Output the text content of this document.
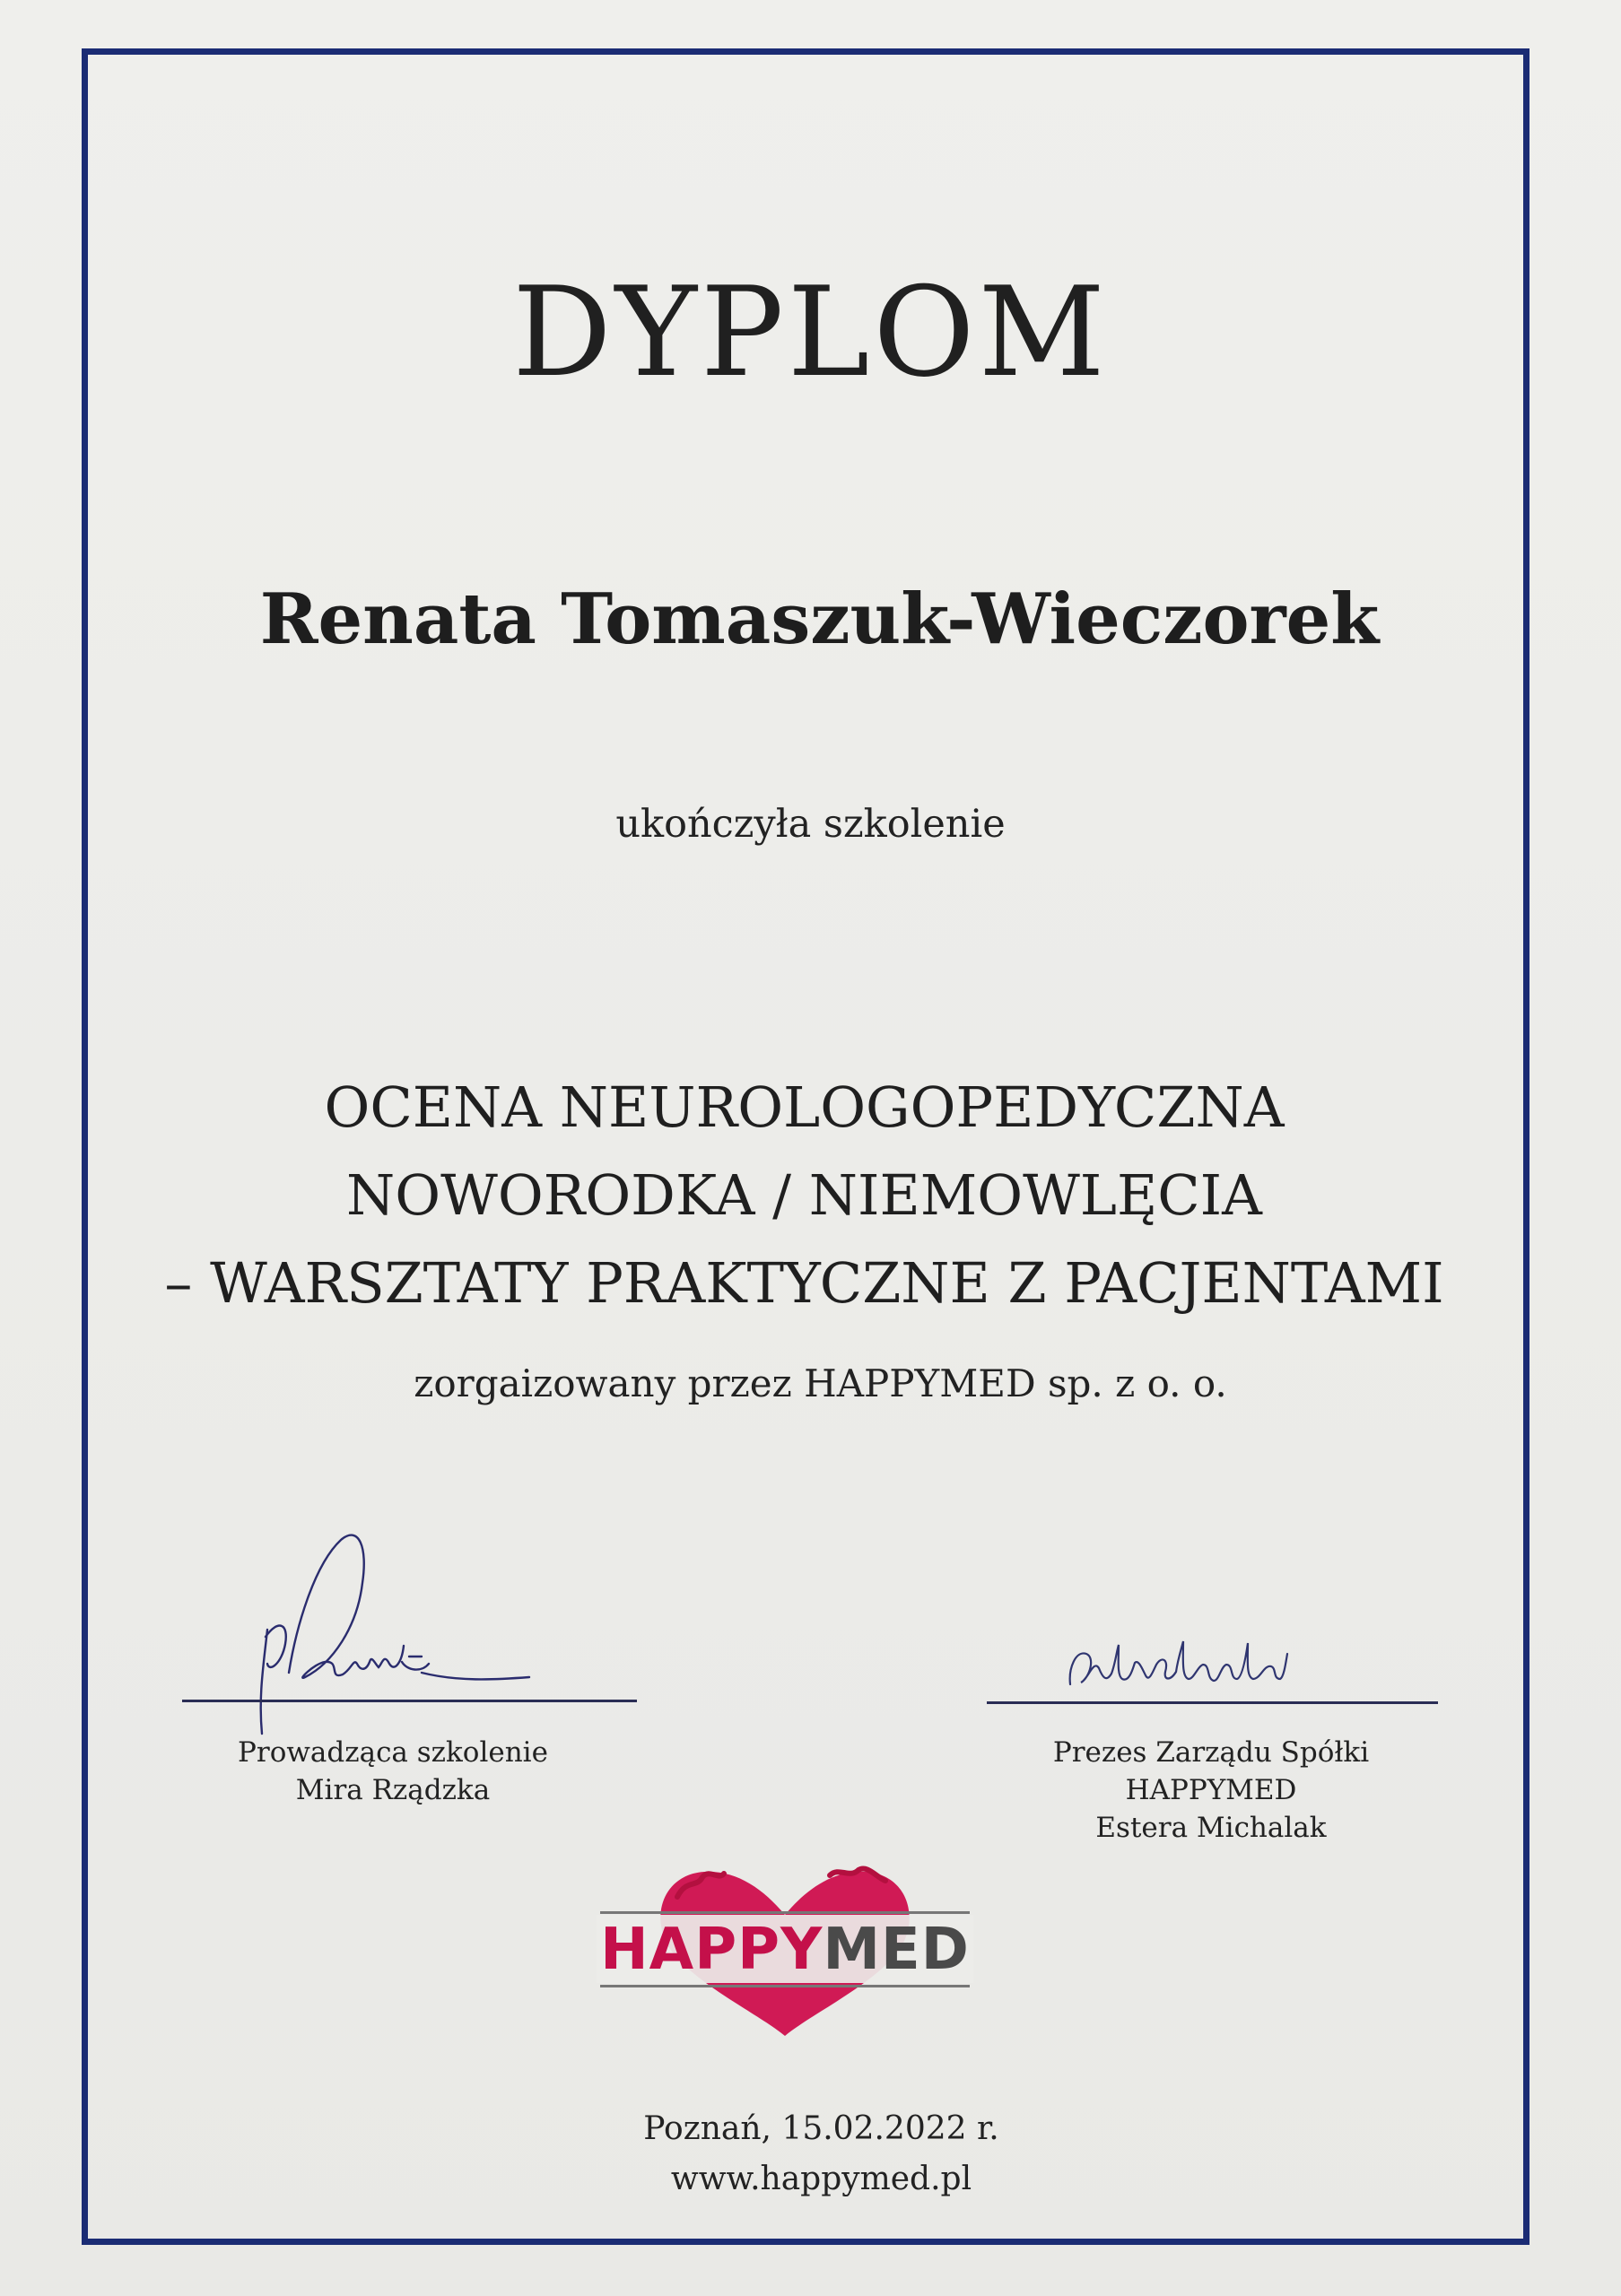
DYPLOM
Renata Tomaszuk-Wieczorek
ukończyła szkolenie
OCENA NEUROLOGOPEDYCZNA
NOWORODKA / NIEMOWLĘCIA
– WARSZTATY PRAKTYCZNE Z PACJENTAMI
zorgaizowany przez HAPPYMED sp. z o. o.
Prowadząca szkolenie
Mira Rządzka
Prezes Zarządu Spółki
HAPPYMED
Estera Michalak
HAPPYMED
Poznań, 15.02.2022 r.
www.happymed.pl
